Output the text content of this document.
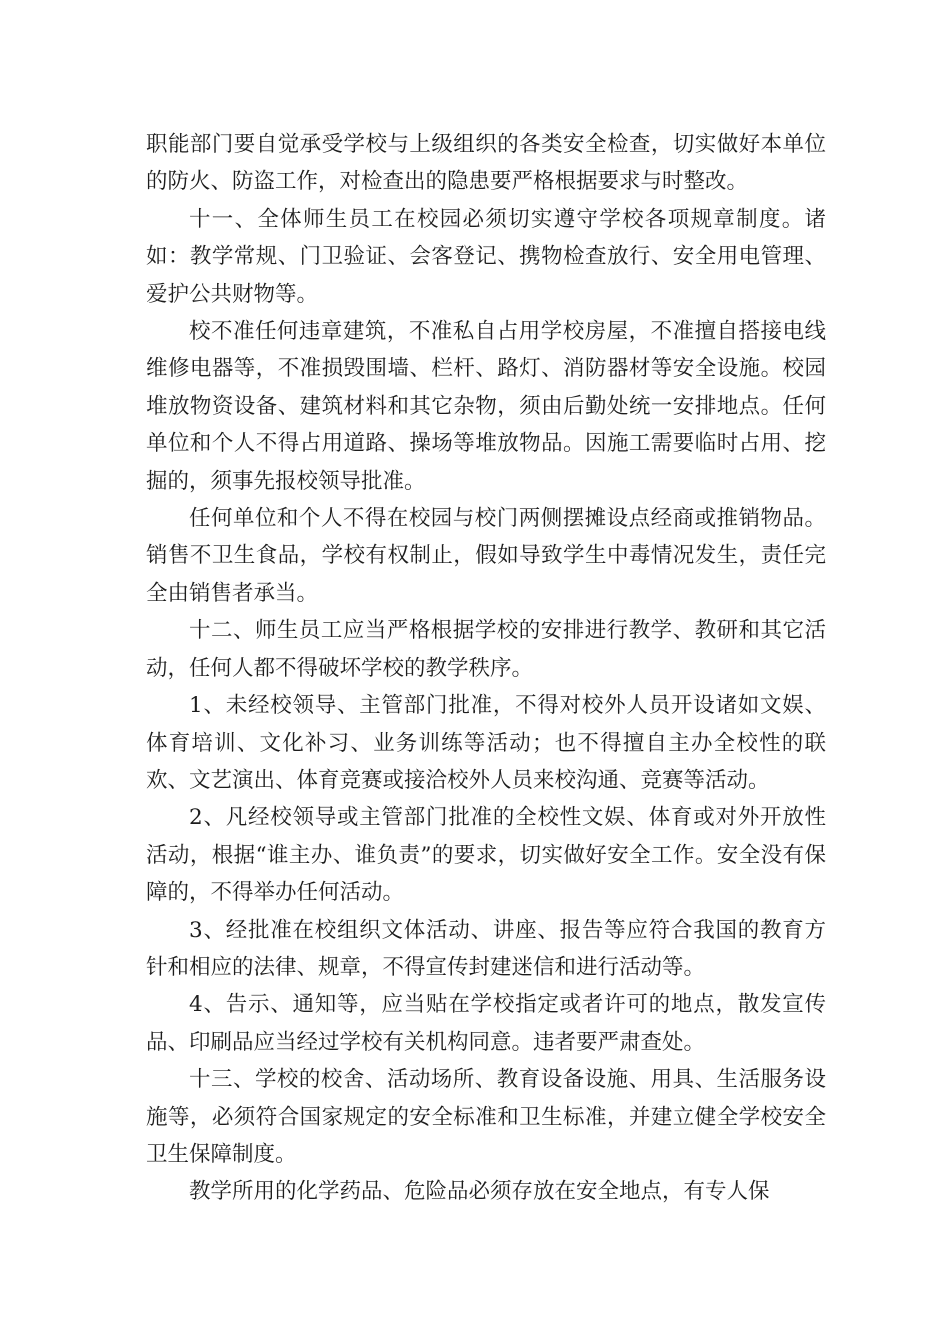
职能部门要自觉承受学校与上级组织的各类安全检查，切实做好本单位的防火、防盗工作，对检查出的隐患要严格根据要求与时整改。

十一、全体师生员工在校园必须切实遵守学校各项规章制度。诸如：教学常规、门卫验证、会客登记、携物检查放行、安全用电管理、爱护公共财物等。

校不准任何违章建筑，不准私自占用学校房屋，不准擅自搭接电线维修电器等，不准损毁围墙、栏杆、路灯、消防器材等安全设施。校园堆放物资设备、建筑材料和其它杂物，须由后勤处统一安排地点。任何单位和个人不得占用道路、操场等堆放物品。因施工需要临时占用、挖掘的，须事先报校领导批准。

任何单位和个人不得在校园与校门两侧摆摊设点经商或推销物品。销售不卫生食品，学校有权制止，假如导致学生中毒情况发生，责任完全由销售者承当。

十二、师生员工应当严格根据学校的安排进行教学、教研和其它活动，任何人都不得破坏学校的教学秩序。

1、未经校领导、主管部门批准，不得对校外人员开设诸如文娱、体育培训、文化补习、业务训练等活动；也不得擅自主办全校性的联欢、文艺演出、体育竞赛或接洽校外人员来校沟通、竞赛等活动。

2、凡经校领导或主管部门批准的全校性文娱、体育或对外开放性活动，根据“谁主办、谁负责”的要求，切实做好安全工作。安全没有保障的，不得举办任何活动。

3、经批准在校组织文体活动、讲座、报告等应符合我国的教育方针和相应的法律、规章，不得宣传封建迷信和进行活动等。

4、告示、通知等，应当贴在学校指定或者许可的地点，散发宣传品、印刷品应当经过学校有关机构同意。违者要严肃查处。

十三、学校的校舍、活动场所、教育设备设施、用具、生活服务设施等，必须符合国家规定的安全标准和卫生标准，并建立健全学校安全卫生保障制度。

教学所用的化学药品、危险品必须存放在安全地点，有专人保
